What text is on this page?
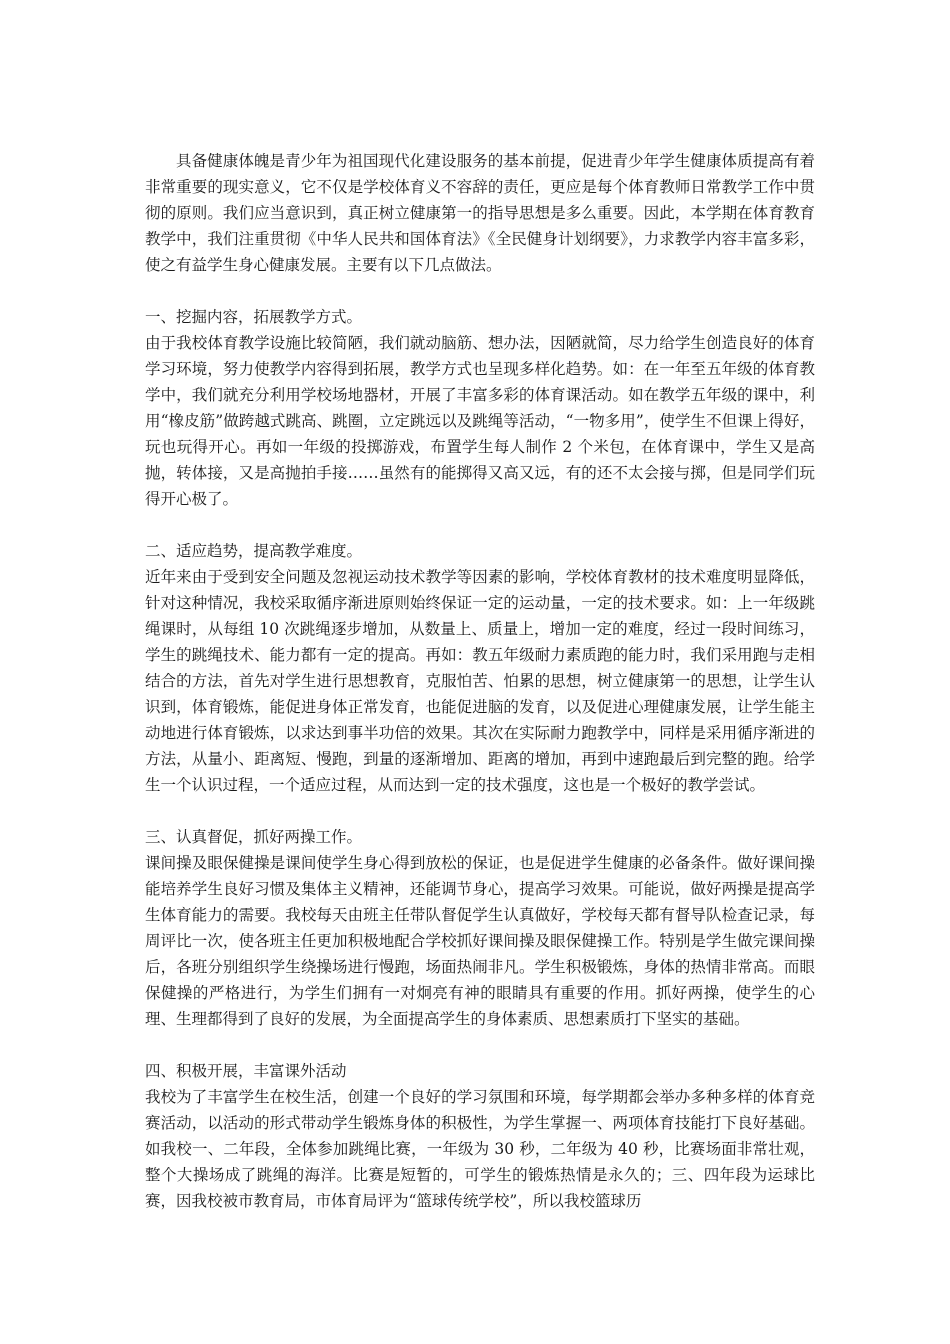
具备健康体魄是青少年为祖国现代化建设服务的基本前提，促进青少年学生健康体质提高有着非常重要的现实意义，它不仅是学校体育义不容辞的责任，更应是每个体育教师日常教学工作中贯彻的原则。我们应当意识到，真正树立健康第一的指导思想是多么重要。因此，本学期在体育教育教学中，我们注重贯彻《中华人民共和国体育法》《全民健身计划纲要》，力求教学内容丰富多彩，使之有益学生身心健康发展。主要有以下几点做法。

一、挖掘内容，拓展教学方式。

由于我校体育教学设施比较简陋，我们就动脑筋、想办法，因陋就简，尽力给学生创造良好的体育学习环境，努力使教学内容得到拓展，教学方式也呈现多样化趋势。如：在一年至五年级的体育教学中，我们就充分利用学校场地器材，开展了丰富多彩的体育课活动。如在教学五年级的课中，利用“橡皮筋”做跨越式跳高、跳圈，立定跳远以及跳绳等活动，“一物多用”，使学生不但课上得好，玩也玩得开心。再如一年级的投掷游戏，布置学生每人制作 2 个米包，在体育课中，学生又是高抛，转体接，又是高抛拍手接……虽然有的能掷得又高又远，有的还不太会接与掷，但是同学们玩得开心极了。

二、适应趋势，提高教学难度。

近年来由于受到安全问题及忽视运动技术教学等因素的影响，学校体育教材的技术难度明显降低，针对这种情况，我校采取循序渐进原则始终保证一定的运动量，一定的技术要求。如：上一年级跳绳课时，从每组 10 次跳绳逐步增加，从数量上、质量上，增加一定的难度，经过一段时间练习，学生的跳绳技术、能力都有一定的提高。再如：教五年级耐力素质跑的能力时，我们采用跑与走相结合的方法，首先对学生进行思想教育，克服怕苦、怕累的思想，树立健康第一的思想，让学生认识到，体育锻炼，能促进身体正常发育，也能促进脑的发育，以及促进心理健康发展，让学生能主动地进行体育锻炼，以求达到事半功倍的效果。其次在实际耐力跑教学中，同样是采用循序渐进的方法，从量小、距离短、慢跑，到量的逐渐增加、距离的增加，再到中速跑最后到完整的跑。给学生一个认识过程，一个适应过程，从而达到一定的技术强度，这也是一个极好的教学尝试。

三、认真督促，抓好两操工作。

课间操及眼保健操是课间使学生身心得到放松的保证，也是促进学生健康的必备条件。做好课间操能培养学生良好习惯及集体主义精神，还能调节身心，提高学习效果。可能说，做好两操是提高学生体育能力的需要。我校每天由班主任带队督促学生认真做好，学校每天都有督导队检查记录，每周评比一次，使各班主任更加积极地配合学校抓好课间操及眼保健操工作。特别是学生做完课间操后，各班分别组织学生绕操场进行慢跑，场面热闹非凡。学生积极锻炼，身体的热情非常高。而眼保健操的严格进行，为学生们拥有一对炯亮有神的眼睛具有重要的作用。抓好两操，使学生的心理、生理都得到了良好的发展，为全面提高学生的身体素质、思想素质打下坚实的基础。

四、积极开展，丰富课外活动

我校为了丰富学生在校生活，创建一个良好的学习氛围和环境，每学期都会举办多种多样的体育竞赛活动，以活动的形式带动学生锻炼身体的积极性，为学生掌握一、两项体育技能打下良好基础。如我校一、二年段，全体参加跳绳比赛，一年级为 30 秒，二年级为 40 秒，比赛场面非常壮观，整个大操场成了跳绳的海洋。比赛是短暂的，可学生的锻炼热情是永久的；三、四年段为运球比赛，因我校被市教育局，市体育局评为“篮球传统学校”，所以我校篮球历
